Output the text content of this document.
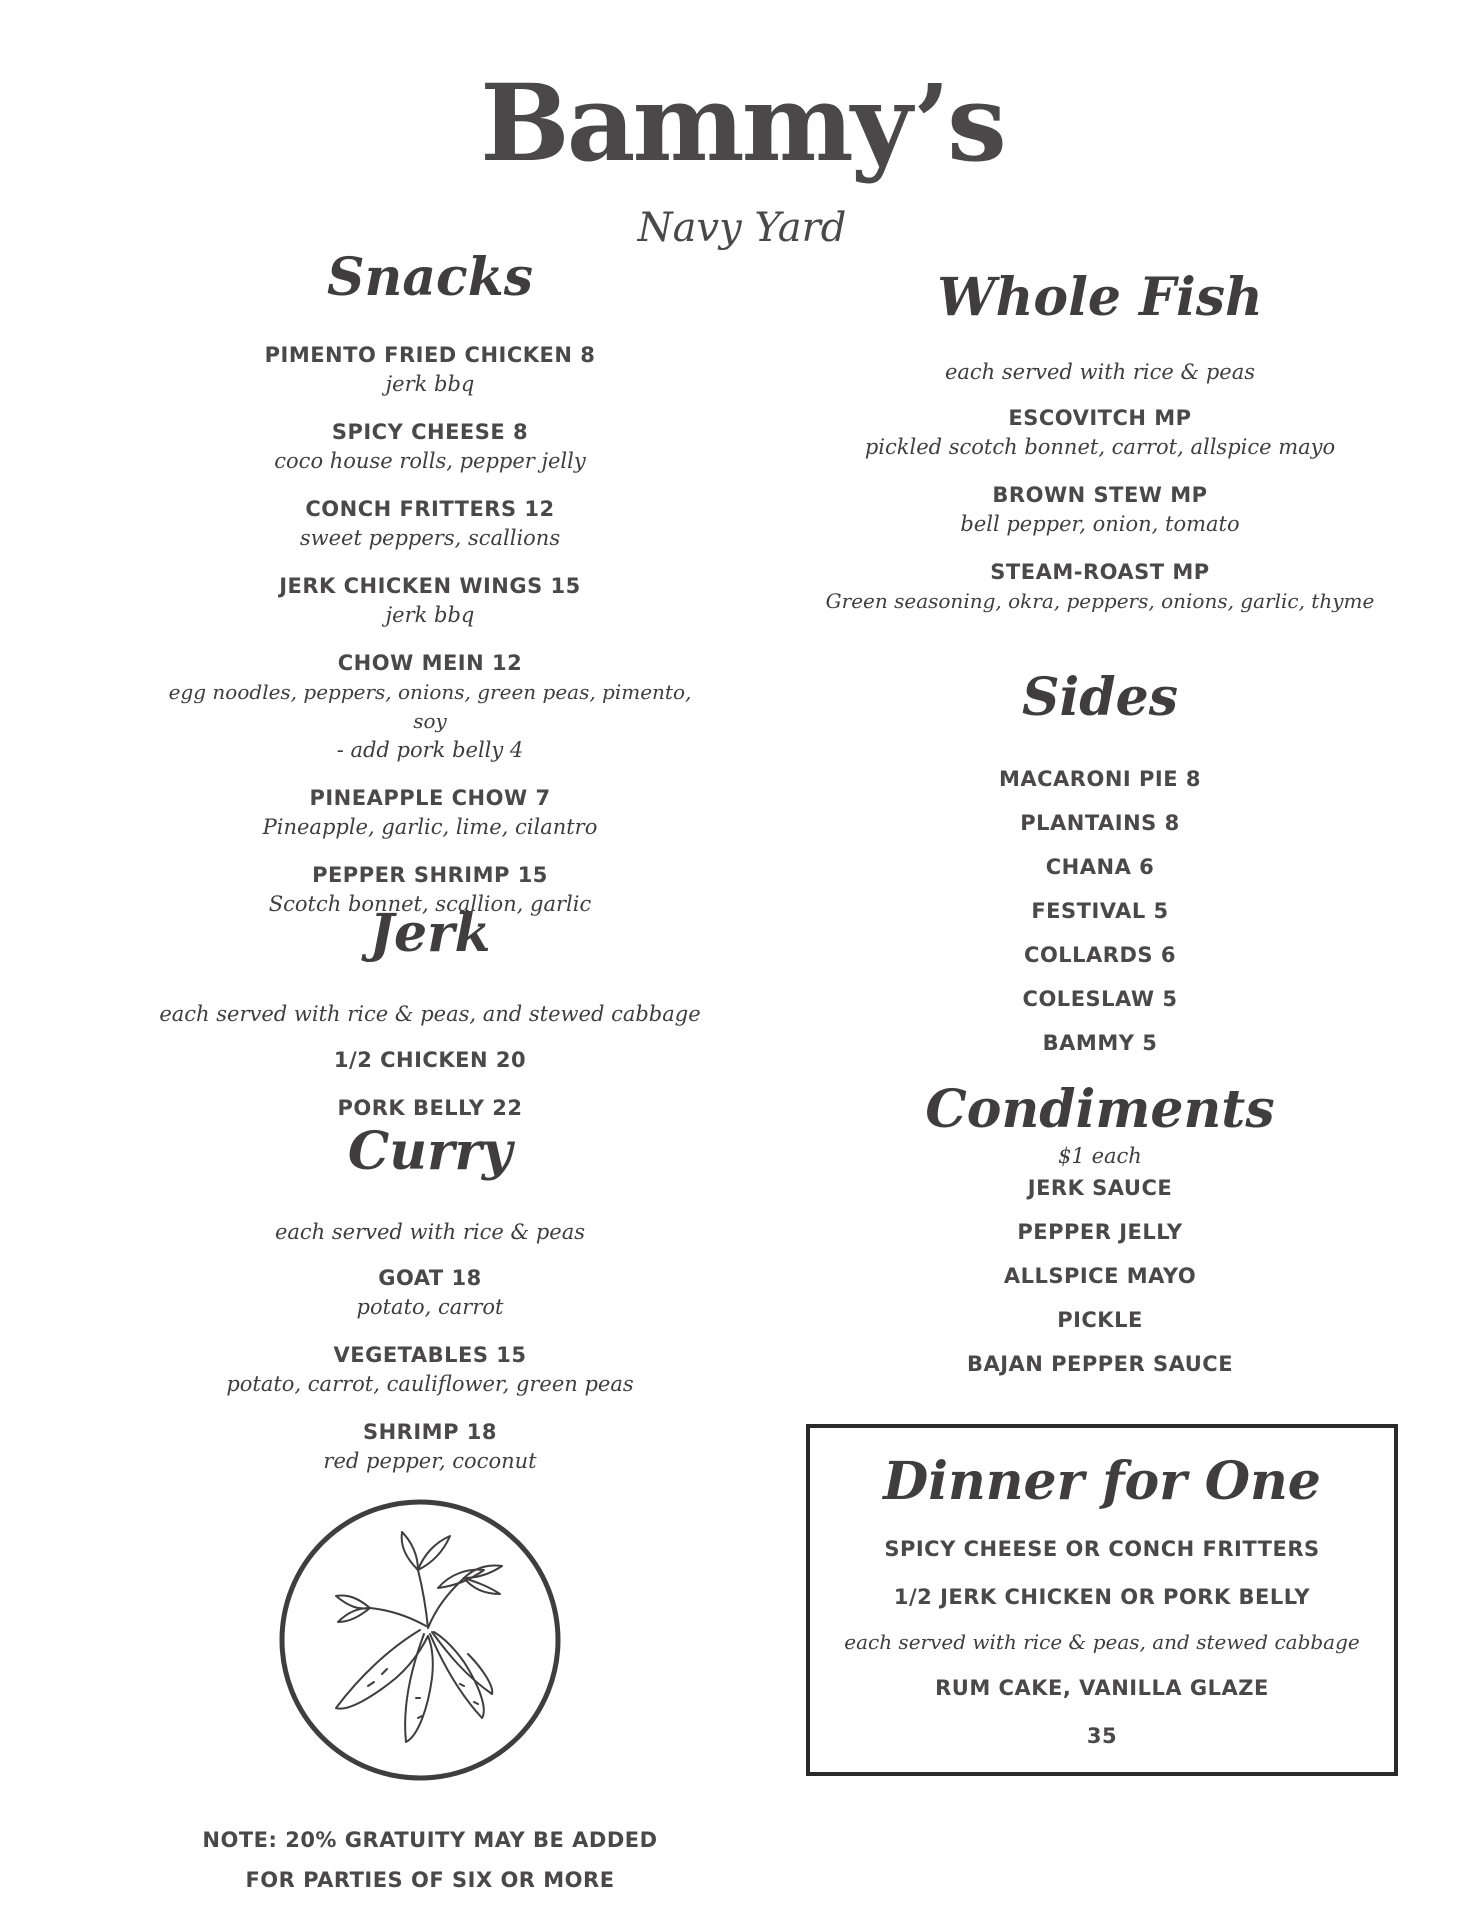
Bammy’s
Navy Yard
Snacks
PIMENTO FRIED CHICKEN 8
jerk bbq
SPICY CHEESE 8
coco house rolls, pepper jelly
CONCH FRITTERS 12
sweet peppers, scallions
JERK CHICKEN WINGS 15
jerk bbq
CHOW MEIN 12
egg noodles, peppers, onions, green peas, pimento, soy
- add pork belly 4
PINEAPPLE CHOW 7
Pineapple, garlic, lime, cilantro
PEPPER SHRIMP 15
Scotch bonnet, scallion, garlic
Jerk
each served with rice & peas, and stewed cabbage
1/2 CHICKEN 20
PORK BELLY 22
Curry
each served with rice & peas
GOAT 18
potato, carrot
VEGETABLES 15
potato, carrot, cauliflower, green peas
SHRIMP 18
red pepper, coconut
NOTE: 20% GRATUITY MAY BE ADDED
FOR PARTIES OF SIX OR MORE
Whole Fish
each served with rice & peas
ESCOVITCH MP
pickled scotch bonnet, carrot, allspice mayo
BROWN STEW MP
bell pepper, onion, tomato
STEAM-ROAST MP
Green seasoning, okra, peppers, onions, garlic, thyme
Sides
MACARONI PIE 8
PLANTAINS 8
CHANA 6
FESTIVAL 5
COLLARDS 6
COLESLAW 5
BAMMY 5
Condiments
$1 each
JERK SAUCE
PEPPER JELLY
ALLSPICE MAYO
PICKLE
BAJAN PEPPER SAUCE
Dinner for One
SPICY CHEESE OR CONCH FRITTERS
1/2 JERK CHICKEN OR PORK BELLY
each served with rice & peas, and stewed cabbage
RUM CAKE, VANILLA GLAZE
35
